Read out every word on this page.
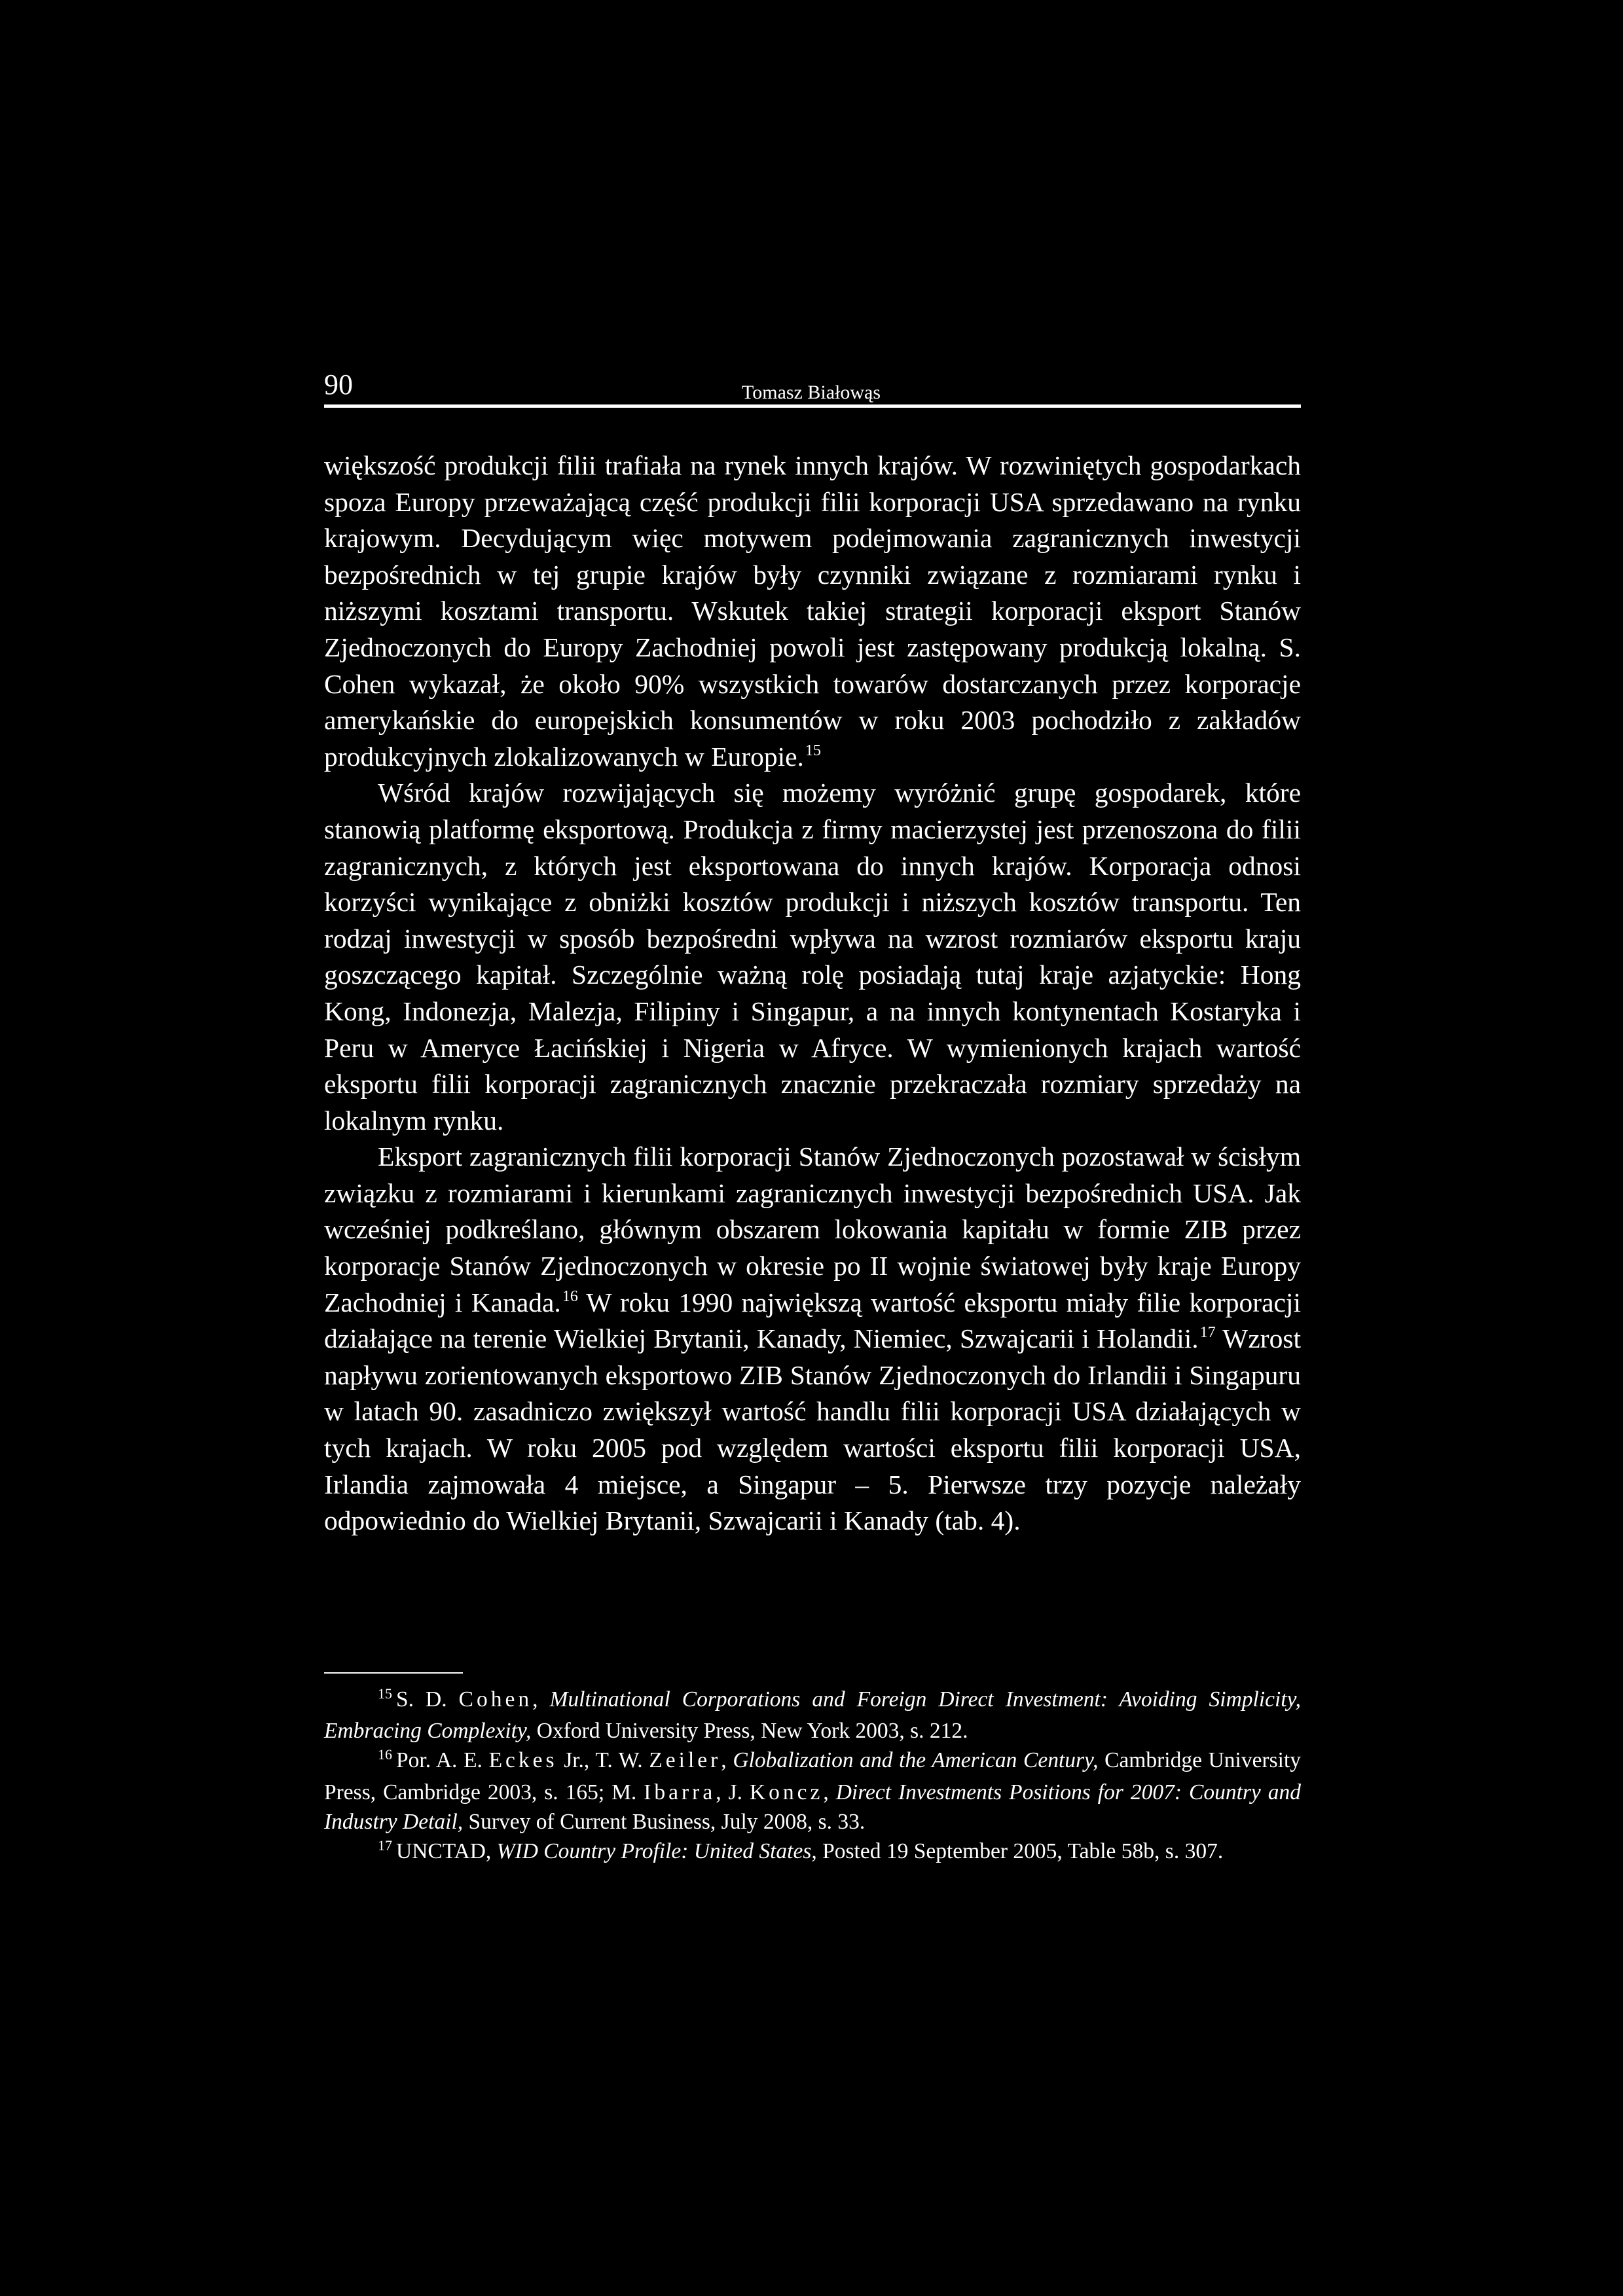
90	Tomasz Białowąs

większość produkcji filii trafiała na rynek innych krajów. W rozwiniętych gospodarkach spoza Europy przeważającą część produkcji filii korporacji USA sprzedawano na rynku krajowym. Decydującym więc motywem podejmowania zagranicznych inwestycji bezpośrednich w tej grupie krajów były czynniki związane z rozmiarami rynku i niższymi kosztami transportu. Wskutek takiej strategii korporacji eksport Stanów Zjednoczonych do Europy Zachodniej powoli jest zastępowany produkcją lokalną. S. Cohen wykazał, że około 90% wszystkich towarów dostarczanych przez korporacje amerykańskie do europejskich konsumentów w roku 2003 pochodziło z zakładów produkcyjnych zlokalizowanych w Europie.$^{15}$

Wśród krajów rozwijających się możemy wyróżnić grupę gospodarek, które stanowią platformę eksportową. Produkcja z firmy macierzystej jest przenoszona do filii zagranicznych, z których jest eksportowana do innych krajów. Korporacja odnosi korzyści wynikające z obniżki kosztów produkcji i niższych kosztów transportu. Ten rodzaj inwestycji w sposób bezpośredni wpływa na wzrost rozmiarów eksportu kraju goszczącego kapitał. Szczególnie ważną rolę posiadają tutaj kraje azjatyckie: Hong Kong, Indonezja, Malezja, Filipiny i Singapur, a na innych kontynentach Kostaryka i Peru w Ameryce Łacińskiej i Nigeria w Afryce. W wymienionych krajach wartość eksportu filii korporacji zagranicznych znacznie przekraczała rozmiary sprzedaży na lokalnym rynku.

Eksport zagranicznych filii korporacji Stanów Zjednoczonych pozostawał w ścisłym związku z rozmiarami i kierunkami zagranicznych inwestycji bezpośrednich USA. Jak wcześniej podkreślano, głównym obszarem lokowania kapitału w formie ZIB przez korporacje Stanów Zjednoczonych w okresie po II wojnie światowej były kraje Europy Zachodniej i Kanada.$^{16}$ W roku 1990 największą wartość eksportu miały filie korporacji działające na terenie Wielkiej Brytanii, Kanady, Niemiec, Szwajcarii i Holandii.$^{17}$ Wzrost napływu zorientowanych eksportowo ZIB Stanów Zjednoczonych do Irlandii i Singapuru w latach 90. zasadniczo zwiększył wartość handlu filii korporacji USA działających w tych krajach. W roku 2005 pod względem wartości eksportu filii korporacji USA, Irlandia zajmowała 4 miejsce, a Singapur – 5. Pierwsze trzy pozycje należały odpowiednio do Wielkiej Brytanii, Szwajcarii i Kanady (tab. 4).

$^{15}$ S. D. Cohen, Multinational Corporations and Foreign Direct Investment: Avoiding Simplicity, Embracing Complexity, Oxford University Press, New York 2003, s. 212.

$^{16}$ Por. A. E. Eckes Jr., T. W. Zeiler, Globalization and the American Century, Cambridge University Press, Cambridge 2003, s. 165; M. Ibarra, J. Koncz, Direct Investments Positions for 2007: Country and Industry Detail, Survey of Current Business, July 2008, s. 33.

$^{17}$ UNCTAD, WID Country Profile: United States, Posted 19 September 2005, Table 58b, s. 307.
